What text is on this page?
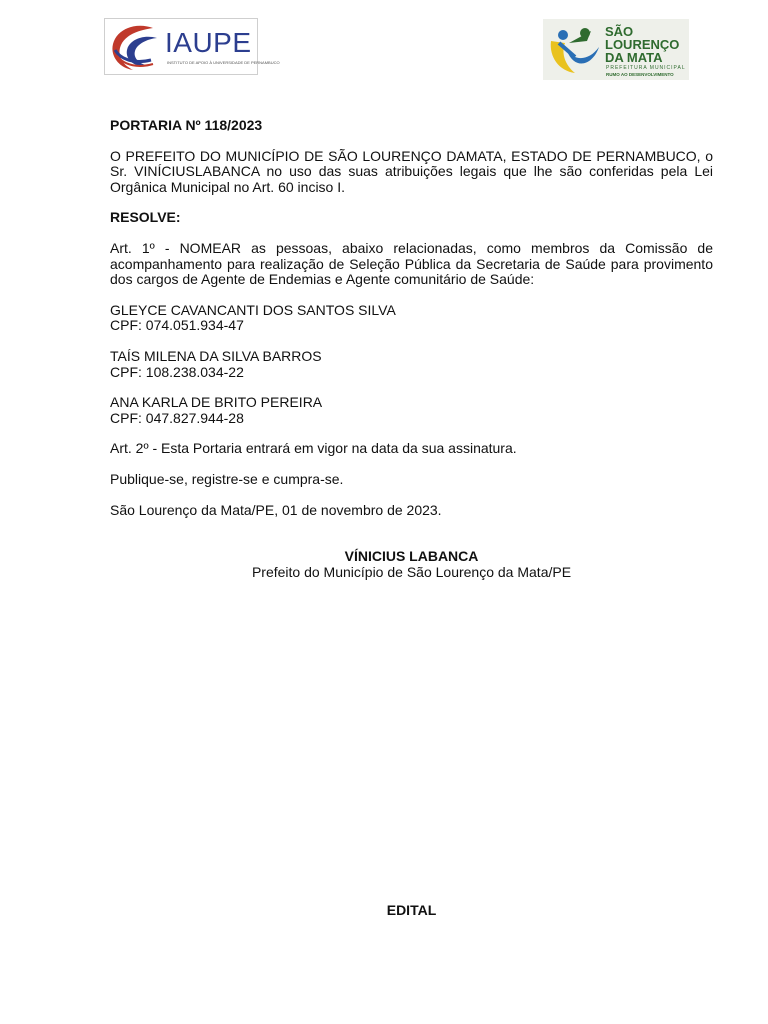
IAUPE
INSTITUTO DE APOIO À UNIVERSIDADE DE PERNAMBUCO
SÃO
LOURENÇO
DA MATA
PREFEITURA MUNICIPAL
RUMO AO DESENVOLVIMENTO

PORTARIA Nº 118/2023

O PREFEITO DO MUNICÍPIO DE SÃO LOURENÇO DAMATA, ESTADO DE PERNAMBUCO, o Sr. VINÍCIUSLABANCA no uso das suas atribuições legais que lhe são conferidas pela Lei Orgânica Municipal no Art. 60 inciso I.

RESOLVE:

Art. 1º - NOMEAR as pessoas, abaixo relacionadas, como membros da Comissão de acompanhamento para realização de Seleção Pública da Secretaria de Saúde para provimento dos cargos de Agente de Endemias e Agente comunitário de Saúde:

GLEYCE CAVANCANTI DOS SANTOS SILVA
CPF: 074.051.934-47

TAÍS MILENA DA SILVA BARROS
CPF: 108.238.034-22

ANA KARLA DE BRITO PEREIRA
CPF: 047.827.944-28

Art. 2º - Esta Portaria entrará em vigor na data da sua assinatura.

Publique-se, registre-se e cumpra-se.

São Lourenço da Mata/PE, 01 de novembro de 2023.

VÍNICIUS LABANCA
Prefeito do Município de São Lourenço da Mata/PE
EDITAL
